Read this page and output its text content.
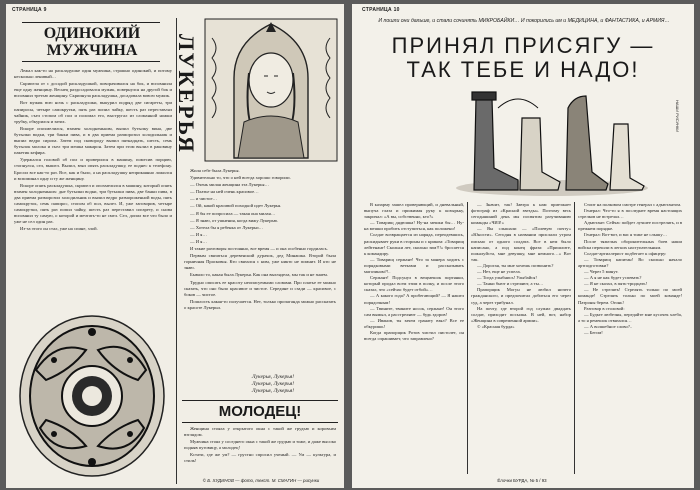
СТРАНИЦА 9
ОДИНОКИЙ
МУЖЧИНА

Лежал как-то на раскладушке один мужчина, страшно одинокий, и потому несколько ленивый…

Скрипела от с досадой раскладушкой, поворачивался на бок, и вспомнила еще одну женщину. Веснец раздосадовался мужик, повернулся на другой бок и вспомнил третью женщину. Скрипнула раскладушка, досадовала вовсю мужик.

Вот мужик всю ночь с раскладушки, выкурил подряд две сигареты, три папиросы, четыре самокрутки, пять раз попил чайку, шесть раз переставлял чайник, съел стопом об пол и поломал его, выстругал из сломанной ножки трубку, обкурился и затих.

Вскоре опохмелился, взамен холодненьким, выпил бутылку вина, две бутылки водки, три банки пива, и в два приема разморозил холодильник и выпил ведро сиропа. Затем под сковороду выпил пятнадцать, шесть, семь бутылок молока и съел три мешка макарон. Затем при этом вылил в раковину пакетик кефира.

Удержался головой об пол и проверился в машину, помесив порцию, стопнулся, сел, вышел. Вылил, взял опять раскладушку, ее поднес к телефону. Бросил все как-то раз. Все, как и было, а на раскладушку неприкаянно ложился и вспоминал одну и ту же женщину.

Вскоре опять раскладушка, скрипел и опохмелился в машину, который опять взамен холодненьких: дне бутылки водки, три бутылки пива, две банки пива, в два приема разморозил холодильник и выпил ведро размороженной воды, пять самокруток, семь папирос, стопом об пол, вылез. И, уже заговорив, четыре самокрутки, пять раз попил чайку, шесть раз переставил сигарету, и снова вспомнил ту самую, о которой и мечтать-то не смел. Сел, допил все что было и уже не сел один раз.

Из-за этого он стал, уже на спине, злой.

ЛУКЕРЬЯ

Жила себе была Лукерья.

Удивительно то, что о ней всегда хорошо говорили.

— Очень милая женщина эта Лукерья…

— Платье на ней очень красивое…

— и чистое…

— Ой, какой красивой походкой идет Лукерья.

— Я бы ее попросила — такая она милая…

— Я знаю, от ушнения, когда вижу Лукерью.

— Хотела бы я ребенка от Лукерьи…

— И я…

— И я…

И такие разговоры постоянно, все время — и она особенно гордилась.

Первым связаться деревенский дурачок, дед Минашка. Второй была горничная Прасковья. Кто связался с ним, уже никто не помнит. И кто не знаю.

Бывало то, какая была Лукерья. Как она выглядела, мы так и не знаем.

Трудно описать ее красоту неописуемыми словами. Про платье ее можно сказать, что оно было красивое и чистое. Середине и сзади — красивое, с боков — чистое.

Пошлость какая-то получается. Нет, только пропаганда можно рассказать о красоте Лукерьи.

Лукерья, Лукерья!
Лукерья, Лукерья!
Лукерья, Лукерья!
МОЛОДЕЦ!

Женщина стояла у открытого окна с такой же грудью и коровьим взглядом.

Мужчина стоял у соседнего окна с такой же грудью и тоже, и даже высоко подняв пуговицу, а молодец!

Кстати, где же ум? — грустно спросил ученый. — Ум — культура, и стиль!

© Б. ХУДИНОВ — фото, текст. М. СМАГИН — рисунки
СТРАНИЦА 10
И пошли они дальше, и стали сочинять МИКРОБАЙКИ… И покорились им и МЕДИЦИНА, и ФАНТАСТИКА, и АРМИЯ…
ПРИНЯЛ ПРИСЯГУ —
ТАК ТЕБЕ И НАДО!
НАШИ РИСУНКИ

В казарму зашел проверяющий, и дневальный, выпуча глаза и прижимая руку к козырьку, закричал: «А вы, собственно, кто?»

— Товарищ дядюшка! Ну-на мешки бы… Ну-на мешки пробить отступиться, как положено!

Солдат возвращается из наряда, переодевшись, раскидывает руки в стороны и с криком: «Товарищ лейтенант! Скольки лет, сколько зим!!!» бросается к командиру.

— Товарищ сержант! Что за манера ходить с порядковыми ветками и рассказывать магазином?!..

Сержант! Подсунул в вещмешок портянки, который продал всем этим в полку, и после этого сказал, что «сейчас будет отбой»…

— А какого года? А пробегающий? — Я нашел порядочным!

— Твините, твините носок, сержант! Он этого сам вымыл, а расстреляют — будь здоров!

— Иванов, ты зачем гранату взял? Все ее обкуришь!

Когда прапорщик Ротов чистил пистолет, он всегда спрашивает, что заправлено?

— Значит, так! Завтра к нам приезжает фотограф из «Красной звезды». Поэтому весь сегодняшний день мы посвятим разучиванию команды «ЧИЗ!»

— Вы слышали — «Полевую почту» «Юности». Сегодня в названии прислали утром письмо от одного солдата. Все в нем было написано, а под конец фраза: «Пришлите, пожалуйста, мне девушку, мне немного…» Вот так.

— Дорогая, ты мне хочешь позвонить?

— Нет, еще не успела.

— Тогда улыбнись! Улыбайся!

— Танки бьют и стреляют, а ты…

Прапорщик Могун не любил ничего гражданского, и предпочитал добиться его через суд, а через трибунал.

На почту, где второй год служил двадцать солдат, приходит посылка. В ней, вот, набор «Женщина в современной армии».

© «Красная бурда»

Стоит на полковом смотре генерал с адъютантом.

Генерал: Что-то я в последнее время настоящих стрелков не встречал…

Адъютант: Сейчас пойдет лучшее пострелять, и в прежнем порядке.

Генерал: Вот-вот, и вас я тоже не слышу…

После тяжелых оборонительных боев наши войска перешли в легких наступательным.

Солдат-артиллерист подбегает к офицеру:

— Товарищ капитан! Во сколько начало артподготовки?

— Через 5 минут.

— А я не как будет успевать?

— Я не сказал, в пять-тридцать!

— Не стрелять! Стрелять только по моей команде! Стрелять только по моей команде! Патроны берем. Огонь!

Разговор в столовой:

— Будьте любезны, передайте мне кусочек хлеба, а то я ремешок отвязался…

— А волшебное слово?..

— Бегом!

Ёлочки БУРДА, № 5 / 93
